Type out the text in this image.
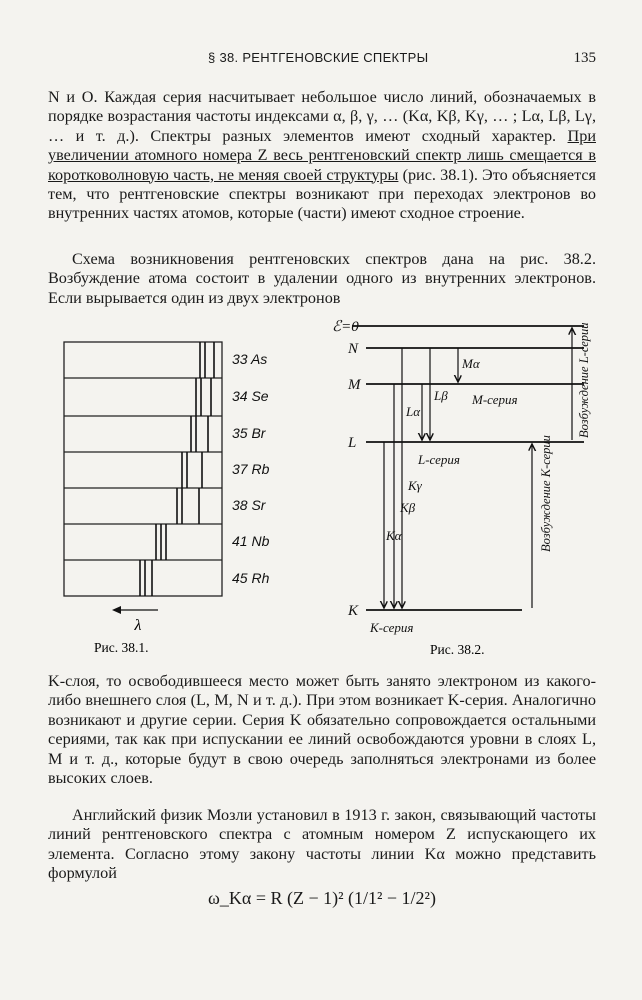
§ 38. РЕНТГЕНОВСКИЕ СПЕКТРЫ	135

N и O. Каждая серия насчитывает небольшое число линий, обозначаемых в порядке возрастания частоты индексами α, β, γ, … (Kα, Kβ, Kγ, … ; Lα, Lβ, Lγ, … и т. д.). Спектры разных элементов имеют сходный характер. При увеличении атомного номера Z весь рентгеновский спектр лишь смещается в коротковолновую часть, не меняя своей структуры (рис. 38.1). Это объясняется тем, что рентгеновские спектры возникают при переходах электронов во внутренних частях атомов, которые (части) имеют сходное строение.

Схема возникновения рентгеновских спектров дана на рис. 38.2. Возбуждение атома состоит в удалении одного из внутренних электронов. Если вырывается один из двух электронов

33 As
34 Se
35 Br
37 Rb
38 Sr
41 Nb
45 Rh
λ
Рис. 38.1.
ℰ=0
N
M
L
K
Mα
M-серия
Lβ
Lα
L-серия
Kγ
Kβ
Kα
K-серия
Возбуждение K-серии
Возбуждение L-серии
Рис. 38.2.

K-слоя, то освободившееся место может быть занято электроном из какого-либо внешнего слоя (L, M, N и т. д.). При этом возникает K-серия. Аналогично возникают и другие серии. Серия K обязательно сопровождается остальными сериями, так как при испускании ее линий освобождаются уровни в слоях L, M и т. д., которые будут в свою очередь заполняться электронами из более высоких слоев.

Английский физик Мозли установил в 1913 г. закон, связывающий частоты линий рентгеновского спектра с атомным номером Z испускающего их элемента. Согласно этому закону частоты линии Kα можно представить формулой

ω_Kα = R (Z − 1)² (1/1² − 1/2²)
